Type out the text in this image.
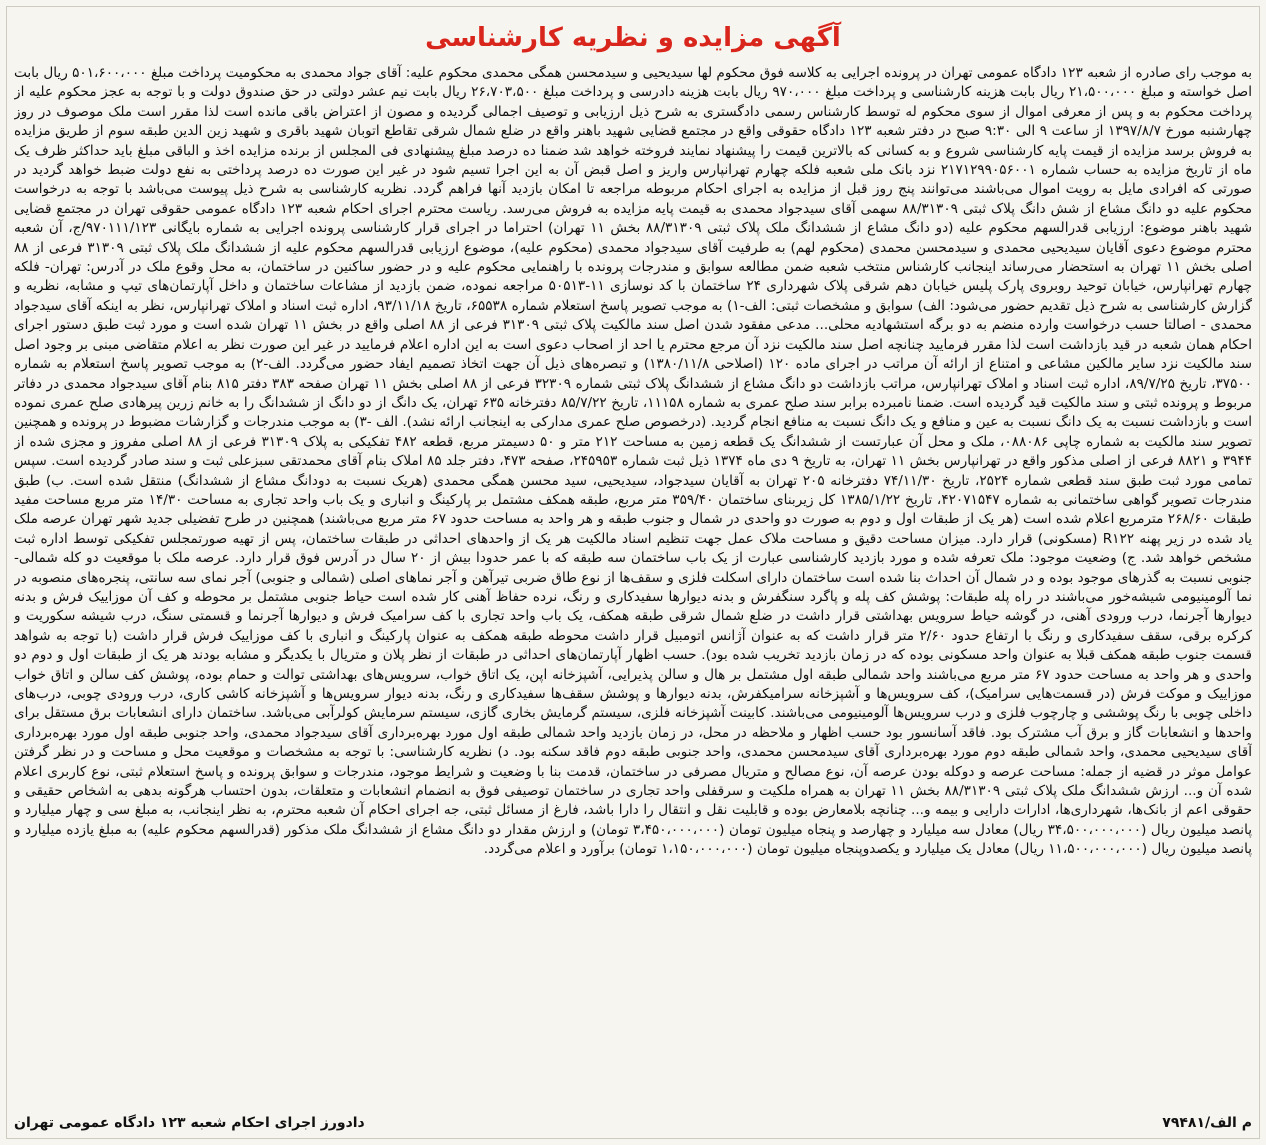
آگهی مزایده و نظریه کارشناسی

به موجب رای صادره از شعبه ۱۲۳ دادگاه عمومی تهران در پرونده اجرایی به کلاسه فوق محکوم لها سیدیحیی و سیدمحسن همگی محمدی محکوم علیه: آقای جواد محمدی به محکومیت پرداخت مبلغ ۵۰۱،۶۰۰،۰۰۰ ریال بابت اصل خواسته و مبلغ ۲۱،۵۰۰،۰۰۰ ریال بابت هزینه کارشناسی و پرداخت مبلغ ۹۷۰،۰۰۰ ریال بابت هزینه دادرسی و پرداخت مبلغ ۲۶،۷۰۳،۵۰۰ ریال بابت نیم عشر دولتی در حق صندوق دولت و با توجه به عجز محکوم علیه از پرداخت محکوم به و پس از معرفی اموال از سوی محکوم له توسط کارشناس رسمی دادگستری به شرح ذیل ارزیابی و توصیف اجمالی گردیده و مصون از اعتراض باقی مانده است لذا مقرر است ملک موصوف در روز چهارشنبه مورخ ۱۳۹۷/۸/۷ از ساعت ۹ الی ۹:۳۰ صبح در دفتر شعبه ۱۲۳ دادگاه حقوقی واقع در مجتمع قضایی شهید باهنر واقع در ضلع شمال شرقی تقاطع اتوبان شهید باقری و شهید زین الدین طبقه سوم از طریق مزایده به فروش برسد مزایده از قیمت پایه کارشناسی شروع و به کسانی که بالاترین قیمت را پیشنهاد نمایند فروخته خواهد شد ضمنا ده درصد مبلغ پیشنهادی فی المجلس از برنده مزایده اخذ و الباقی مبلغ باید حداکثر ظرف یک ماه از تاریخ مزایده به حساب شماره ۲۱۷۱۲۹۹۰۵۶۰۰۱ نزد بانک ملی شعبه فلکه چهارم تهرانپارس واریز و اصل قبض آن به این اجرا تسیم شود در غیر این صورت ده درصد پرداختی به نفع دولت ضبط خواهد گردید در صورتی که افرادی مایل به رویت اموال می‌باشند می‌توانند پنج روز قبل از مزایده به اجرای احکام مربوطه مراجعه تا امکان بازدید آنها فراهم گردد. نظریه کارشناسی به شرح ذیل پیوست می‌باشد با توجه به درخواست محکوم علیه دو دانگ مشاع از شش دانگ پلاک ثبتی ۸۸/۳۱۳۰۹ سهمی آقای سیدجواد محمدی به قیمت پایه مزایده به فروش می‌رسد. ریاست محترم اجرای احکام شعبه ۱۲۳ دادگاه عمومی حقوقی تهران در مجتمع قضایی شهید باهنر موضوع: ارزیابی قدرالسهم محکوم علیه (دو دانگ مشاع از ششدانگ ملک پلاک ثبتی ۸۸/۳۱۳۰۹ بخش ۱۱ تهران) احتراما در اجرای قرار کارشناسی پرونده اجرایی به شماره بایگانی ۹۷۰۱۱۱/۱۲۳/ج، آن شعبه محترم موضوع دعوی آقایان سیدیحیی محمدی و سیدمحسن محمدی (محکوم لهم) به طرفیت آقای سیدجواد محمدی (محکوم علیه)، موضوع ارزیابی قدرالسهم محکوم علیه از ششدانگ ملک پلاک ثبتی ۳۱۳۰۹ فرعی از ۸۸ اصلی بخش ۱۱ تهران به استحضار می‌رساند اینجانب کارشناس منتخب شعبه ضمن مطالعه سوابق و مندرجات پرونده با راهنمایی محکوم علیه و در حضور ساکنین در ساختمان، به محل وقوع ملک در آدرس: تهران- فلکه چهارم تهرانپارس، خیابان توحید روبروی پارک پلیس خیابان دهم شرقی پلاک شهرداری ۲۴ ساختمان با کد نوسازی ۱۱-۵۰۵۱۳ مراجعه نموده، ضمن بازدید از مشاعات ساختمان و داخل آپارتمان‌های تیپ و مشابه، نظریه و گزارش کارشناسی به شرح ذیل تقدیم حضور می‌شود: الف) سوابق و مشخصات ثبتی: الف-۱) به موجب تصویر پاسخ استعلام شماره ۶۵۵۳۸، تاریخ ۹۳/۱۱/۱۸، اداره ثبت اسناد و املاک تهرانپارس، نظر به اینکه آقای سیدجواد محمدی - اصالتا حسب درخواست وارده منضم به دو برگه استشهادیه محلی... مدعی مفقود شدن اصل سند مالکیت پلاک ثبتی ۳۱۳۰۹ فرعی از ۸۸ اصلی واقع در بخش ۱۱ تهران شده است و مورد ثبت طبق دستور اجرای احکام همان شعبه در قید بازداشت است لذا مقرر فرمایید چنانچه اصل سند مالکیت نزد آن مرجع محترم یا احد از اصحاب دعوی است به این اداره اعلام فرمایید در غیر این صورت نظر به اعلام متقاضی مبنی بر وجود اصل سند مالکیت نزد سایر مالکین مشاعی و امتناع از ارائه آن مراتب در اجرای ماده ۱۲۰ (اصلاحی ۱۳۸۰/۱۱/۸) و تبصره‌های ذیل آن جهت اتخاذ تصمیم ایفاد حضور می‌گردد. الف-۲) به موجب تصویر پاسخ استعلام به شماره ۳۷۵۰۰، تاریخ ۸۹/۷/۲۵، اداره ثبت اسناد و املاک تهرانپارس، مراتب بازداشت دو دانگ مشاع از ششدانگ پلاک ثبتی شماره ۳۲۳۰۹ فرعی از ۸۸ اصلی بخش ۱۱ تهران صفحه ۳۸۳ دفتر ۸۱۵ بنام آقای سیدجواد محمدی در دفاتر مربوط و پرونده ثبتی و سند مالکیت قید گردیده است. ضمنا نامبرده برابر سند صلح عمری به شماره ۱۱۱۵۸، تاریخ ۸۵/۷/۲۲ دفترخانه ۶۳۵ تهران، یک دانگ از دو دانگ از ششدانگ را به خانم زرین پیرهادی صلح عمری نموده است و بازداشت نسبت به یک دانگ نسبت به عین و منافع و یک دانگ نسبت به منافع انجام گردید. (درخصوص صلح عمری مدارکی به اینجانب ارائه نشد). الف -۳) به موجب مندرجات و گزارشات مضبوط در پرونده و همچنین تصویر سند مالکیت به شماره چاپی ۰۸۸۰۸۶، ملک و محل آن عبارتست از ششدانگ یک قطعه زمین به مساحت ۲۱۲ متر و ۵۰ دسیمتر مربع، قطعه ۴۸۲ تفکیکی به پلاک ۳۱۳۰۹ فرعی از ۸۸ اصلی مفروز و مجزی شده از ۳۹۴۴ و ۸۸۲۱ فرعی از اصلی مذکور واقع در تهرانپارس بخش ۱۱ تهران، به تاریخ ۹ دی ماه ۱۳۷۴ ذیل ثبت شماره ۲۴۵۹۵۳، صفحه ۴۷۳، دفتر جلد ۸۵ املاک بنام آقای محمدتقی سبزعلی ثبت و سند صادر گردیده است. سپس تمامی مورد ثبت طبق سند قطعی شماره ۲۵۲۴، تاریخ ۷۴/۱۱/۳۰ دفترخانه ۲۰۵ تهران به آقایان سیدجواد، سیدیحیی، سید محسن همگی محمدی (هریک نسبت به دودانگ مشاع از ششدانگ) منتقل شده است. ب) طبق مندرجات تصویر گواهی ساختمانی به شماره ۴۲۰۷۱۵۴۷، تاریخ ۱۳۸۵/۱/۲۲ کل زیربنای ساختمان ۳۵۹/۴۰ متر مربع، طبقه همکف مشتمل بر پارکینگ و انباری و یک باب واحد تجاری به مساحت ۱۴/۳۰ متر مربع مساحت مفید طبقات ۲۶۸/۶۰ مترمربع اعلام شده است (هر یک از طبقات اول و دوم به صورت دو واحدی در شمال و جنوب طبقه و هر واحد به مساحت حدود ۶۷ متر مربع می‌باشند) همچنین در طرح تفضیلی جدید شهر تهران عرصه ملک یاد شده در زیر پهنه R۱۲۲ (مسکونی) قرار دارد. میزان مساحت دقیق و مساحت ملاک عمل جهت تنظیم اسناد مالکیت هر یک از واحدهای احداثی در طبقات ساختمان، پس از تهیه صورتمجلس تفکیکی توسط اداره ثبت مشخص خواهد شد. ج) وضعیت موجود: ملک تعرفه شده و مورد بازدید کارشناسی عبارت از یک باب ساختمان سه طبقه که با عمر حدودا بیش از ۲۰ سال در آدرس فوق قرار دارد. عرصه ملک با موقعیت دو کله شمالی- جنوبی نسبت به گذرهای موجود بوده و در شمال آن احداث بنا شده است ساختمان دارای اسکلت فلزی و سقف‌ها از نوع طاق ضربی تیرآهن و آجر نماهای اصلی (شمالی و جنوبی) آجر نمای سه سانتی، پنجره‌های منصوبه در نما آلومینیومی شیشه‌خور می‌باشند در راه پله طبقات: پوشش کف پله و پاگرد سنگفرش و بدنه دیوارها سفیدکاری و رنگ، نرده حفاظ آهنی کار شده است حیاط جنوبی مشتمل بر محوطه و کف آن موزاییک فرش و بدنه دیوارها آجرنما، درب ورودی آهنی، در گوشه حیاط سرویس بهداشتی قرار داشت در ضلع شمال شرقی طبقه همکف، یک باب واحد تجاری با کف سرامیک فرش و دیوارها آجرنما و قسمتی سنگ، درب شیشه سکوریت و کرکره برقی، سقف سفیدکاری و رنگ با ارتفاع حدود ۲/۶۰ متر قرار داشت که به عنوان آژانس اتومبیل قرار داشت محوطه طبقه همکف به عنوان پارکینگ و انباری با کف موزاییک فرش قرار داشت (با توجه به شواهد قسمت جنوب طبقه همکف قبلا به عنوان واحد مسکونی بوده که در زمان بازدید تخریب شده بود). حسب اظهار آپارتمان‌های احداثی در طبقات از نظر پلان و متریال با یکدیگر و مشابه بودند هر یک از طبقات اول و دوم دو واحدی و هر واحد به مساحت حدود ۶۷ متر مربع می‌باشند واحد شمالی طبقه اول مشتمل بر هال و سالن پذیرایی، آشپزخانه اپن، یک اتاق خواب، سرویس‌های بهداشتی توالت و حمام بوده، پوشش کف سالن و اتاق خواب موزاییک و موکت فرش (در قسمت‌هایی سرامیک)، کف سرویس‌ها و آشپزخانه سرامیکفرش، بدنه دیوارها و پوشش سقف‌ها سفیدکاری و رنگ، بدنه دیوار سرویس‌ها و آشپزخانه کاشی کاری، درب ورودی چوبی، درب‌های داخلی چوبی با رنگ پوششی و چارچوب فلزی و درب سرویس‌ها آلومینیومی می‌باشند. کابینت آشپزخانه فلزی، سیستم گرمایش بخاری گازی، سیستم سرمایش کولرآبی می‌باشد. ساختمان دارای انشعابات برق مستقل برای واحدها و انشعابات گاز و برق آب مشترک بود. فاقد آسانسور بود حسب اظهار و ملاحظه در محل، در زمان بازدید واحد شمالی طبقه اول مورد بهره‌برداری آقای سیدجواد محمدی، واحد جنوبی طبقه اول مورد بهره‌برداری آقای سیدیحیی محمدی، واحد شمالی طبقه دوم مورد بهره‌برداری آقای سیدمحسن محمدی، واحد جنوبی طبقه دوم فاقد سکنه بود. د) نظریه کارشناسی: با توجه به مشخصات و موقعیت محل و مساحت و در نظر گرفتن عوامل موثر در قضیه از جمله: مساحت عرصه و دوکله بودن عرصه آن، نوع مصالح و متریال مصرفی در ساختمان، قدمت بنا با وضعیت و شرایط موجود، مندرجات و سوابق پرونده و پاسخ استعلام ثبتی، نوع کاربری اعلام شده آن و... ارزش ششدانگ ملک پلاک ثبتی ۸۸/۳۱۳۰۹ بخش ۱۱ تهران به همراه ملکیت و سرقفلی واحد تجاری در ساختمان توصیفی فوق به انضمام انشعابات و متعلقات، بدون احتساب هرگونه بدهی به اشخاص حقیقی و حقوقی اعم از بانک‌ها، شهرداری‌ها، ادارات دارایی و بیمه و... چنانچه بلامعارض بوده و قابلیت نقل و انتقال را دارا باشد، فارغ از مسائل ثبتی، جه اجرای احکام آن شعبه محترم، به نظر اینجانب، به مبلغ سی و چهار میلیارد و پانصد میلیون ریال (۳۴،۵۰۰،۰۰۰،۰۰۰ ریال) معادل سه میلیارد و چهارصد و پنجاه میلیون تومان (۳،۴۵۰،۰۰۰،۰۰۰ تومان) و ارزش مقدار دو دانگ مشاع از ششدانگ ملک مذکور (قدرالسهم محکوم علیه) به مبلغ یازده میلیارد و پانصد میلیون ریال (۱۱،۵۰۰،۰۰۰،۰۰۰ ریال) معادل یک میلیارد و یکصدوپنجاه میلیون تومان (۱،۱۵۰،۰۰۰،۰۰۰ تومان) برآورد و اعلام می‌گردد.

۷۹۴۸۱/م الف
دادورز اجرای احکام شعبه ۱۲۳ دادگاه عمومی تهران
